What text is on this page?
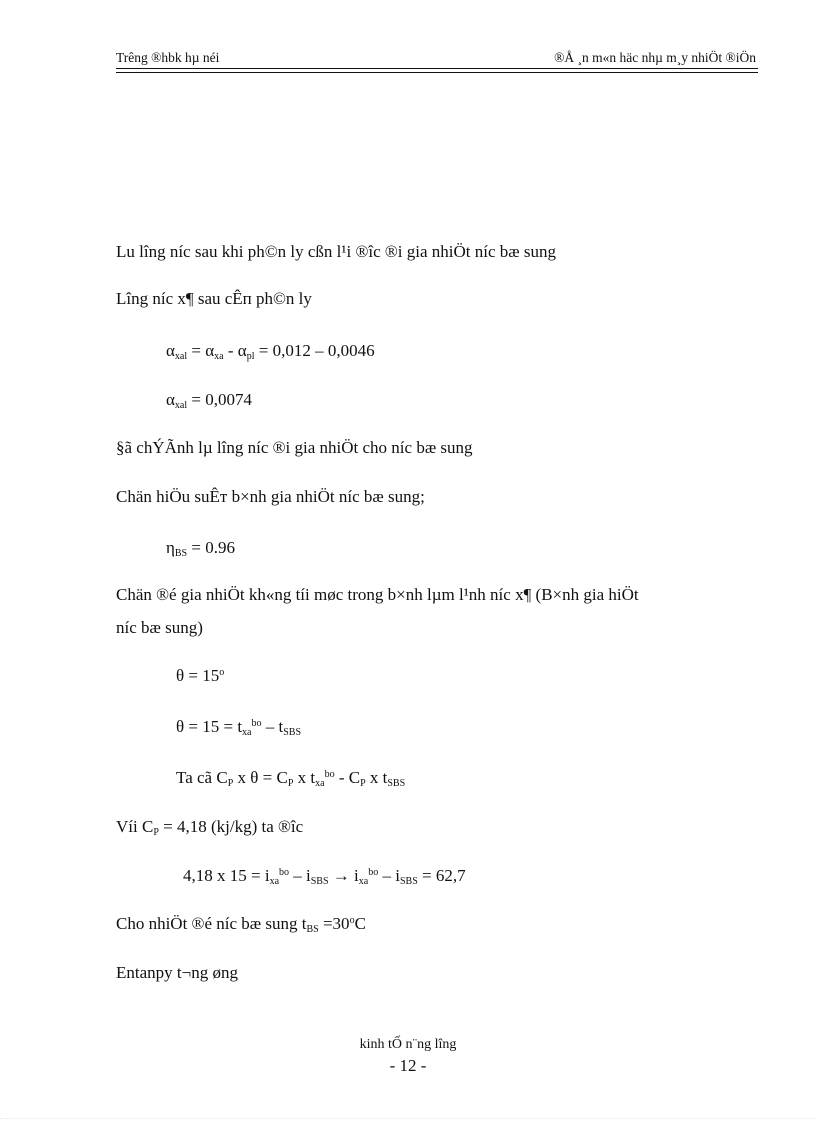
Trêng ®hbk hµ néi	®Å ¸n m«n häc nhµ m¸y nhiÖt ®iÖn
Lu lîng níc sau khi ph©n ly cßn l¹i ®îc ®i gia nhiÖt níc bæ sung
Lîng níc x¶ sau cÊп ph©n ly
$\alpha_{xal} = \alpha_{xa} - \alpha_{pl} = 0,012 - 0,0046$
$\alpha_{xal} = 0,0074$
§ã chÝÃnh lµ lîng níc ®i gia nhiÖt cho níc bæ sung
Chän hiÖu suÊт b×nh gia nhiÖt níc bæ sung;
$\eta_{BS} = 0.96$
Chän ®é gia nhiÖt kh«ng tíi møc trong b×nh lµm l¹nh níc x¶ (B×nh gia hiÖt
níc bæ sung)
$\theta = 15^o$
$\theta = 15 = t_{xa}^{bo} - t_{SBS}$
Ta cã $C_P$ x $\theta = C_P$ x $t_{xa}^{bo} - C_P$ x $t_{SBS}$
Víi $C_P = 4,18$ (kj/kg) ta ®îc
4,18 x $15 = i_{xa}^{bo} - i_{SBS} \to i_{xa}^{bo} - i_{SBS} = 62,7$
Cho nhiÖt ®é níc bæ sung $t_{BS} =30^oC$
Entanpy t¬ng øng
kinh tỐ n¨ng lîng
- 12 -
